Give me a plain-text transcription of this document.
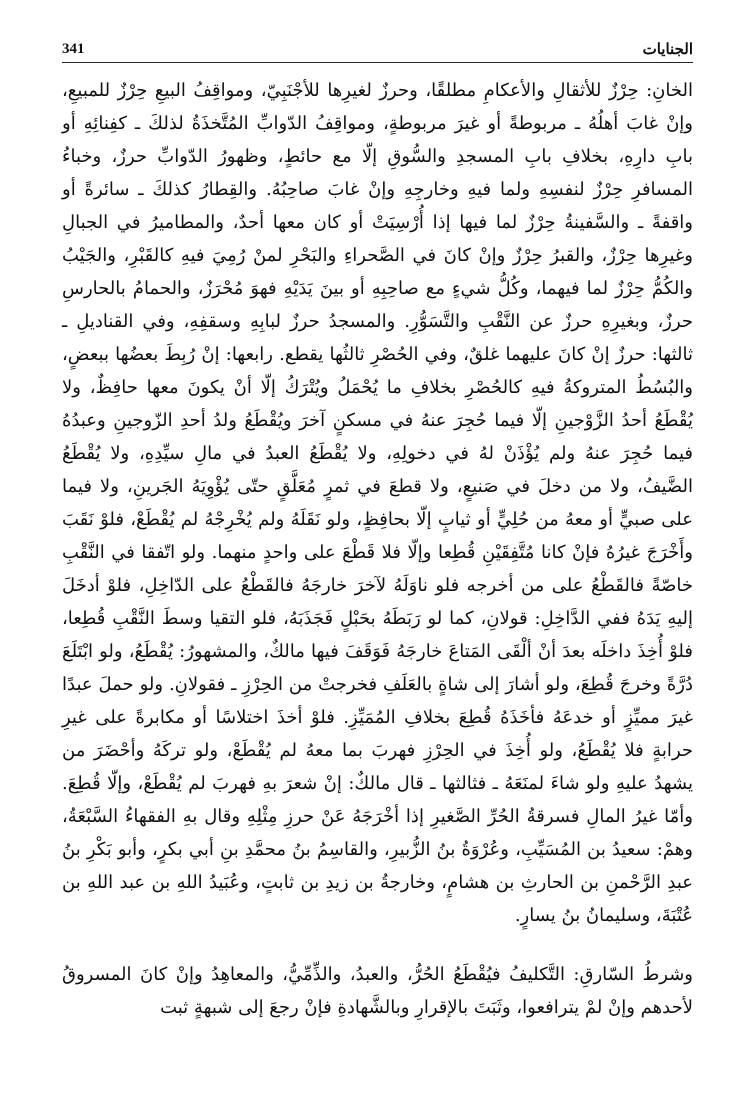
الجنايات
341

الخانِ: حِرْزٌ للأثقالِ والأعكامِ مطلقًا، وحرزٌ لغيرِها للأجْنَبِيّ، ومواقِفُ البيعِ حِرْزٌ للمبيعِ، وإنْ غابَ أهلُهُ ـ مربوطةً أو غيرَ مربوطةٍ، ومواقِفُ الدّوابِّ المُتَّخذَةُ لذلكَ ـ كفِنائِهِ أو بابِ دارِهِ، بخلافِ بابِ المسجدِ والسُّوقِ إلّا مع حائطٍ، وظهورُ الدّوابِّ حرزٌ، وخباءُ المسافرِ حِرْزٌ لنفسِهِ ولما فيهِ وخارجِهِ وإنْ غابَ صاحِبُهُ. والقِطارُ كذلكَ ـ سائرةً أو واقفةً ـ والسَّفينةُ حِرْزٌ لما فيها إذا أُرْسِيَتْ أو كان معها أحدٌ، والمطاميرُ في الجبالِ وغيرِها حِرْزٌ، والقبرُ حِرْزٌ وإنْ كانَ في الصَّحراءِ والبَحْرِ لمنْ رُمِيَ فيهِ كالقَبْرِ، والجَيْبُ والكُمُّ حِرْزٌ لما فيهما، وكُلُّ شيءٍ مع صاحِبِهِ أو بينَ يَدَيْهِ فهوَ مُحْرَزٌ، والحمامُ بالحارسِ حرزٌ، وبغيرِهِ حرزٌ عن النَّقْبِ والتَّسَوُّرِ. والمسجدُ حرزٌ لبابِهِ وسقفِهِ، وفي القناديلِ ـ ثالثها: حرزٌ إنْ كانَ عليهما غلقٌ، وفي الحُصْرِ ثالثُها يقطع. رابعها: إنْ رُبِطَ بعضُها ببعضٍ، والبُسُطُ المتروكةُ فيهِ كالحُصْرِ بخلافِ ما يُحْمَلُ ويُتْرَكُ إلّا أنْ يكونَ معها حافِظٌ، ولا يُقْطَعُ أحدُ الزَّوْجينِ إلّا فيما حُجِرَ عنهُ في مسكنٍ آخرَ ويُقْطَعُ ولدُ أحدِ الزّوجينِ وعبدُهُ فيما حُجِرَ عنهُ ولم يُؤْذَنْ لهُ في دخولِهِ، ولا يُقْطَعُ العبدُ في مالِ سيِّدِهِ، ولا يُقْطَعُ الضَّيفُ، ولا من دخلَ في صَنيعٍ، ولا قطعَ في ثمرٍ مُعَلَّقٍ حتّى يُؤْوِيَهُ الجَرينِ، ولا فيما على صبيٍّ أو معهُ من حُلِيٍّ أو ثيابٍ إلّا بحافِظٍ، ولو نَقَلَهُ ولم يُخْرِجْهُ لم يُقْطَعْ، فلوْ نَقَبَ وأَخْرَجَ غيرُهُ فإنْ كانا مُتَّفِقَيْنِ قُطِعا وإلّا فلا قَطْعَ على واحدٍ منهما. ولو اتّفقا في النَّقْبِ خاصّةً فالقَطْعُ على من أخرجه فلو ناوَلَهُ لآخرَ خارجَهُ فالقَطْعُ على الدّاخِلِ، فلوْ أدخَلَ إليهِ يَدَهُ ففي الدَّاخِلِ: قولانِ، كما لو رَبَطَهُ بحَبْلٍ فَجَذَبَهُ، فلو التقيا وسطَ النَّقْبِ قُطِعا، فلوْ أُخِذَ داخلَه بعدَ أنْ ألْقَى المَتاعَ خارجَهُ فَوَقَفَ فيها مالكٌ، والمشهورُ: يُقْطَعُ، ولو ابْتَلَعَ دُرَّةً وخرجَ قُطِعَ، ولو أشارَ إلى شاةٍ بالعَلَفِ فخرجتْ من الحِرْزِ ـ فقولانِ. ولو حملَ عبدًا غيرَ مميِّزٍ أو خدعَهُ فأخَذَهُ قُطِعَ بخلافِ المُمَيِّزِ. فلوْ أخذَ اختلاسًا أو مكابرةً على غيرِ حرابةٍ فلا يُقْطَعُ، ولو أُخِذَ في الحِرْزِ فهربَ بما معهُ لم يُقْطَعْ، ولو تركَهُ وأحْضَرَ من يشهدُ عليهِ ولو شاءَ لمنَعَهُ ـ فثالثها ـ قال مالكٌ: إنْ شعرَ بهِ فهربَ لم يُقْطَعْ، وإلّا قُطِعَ. وأمّا غيرُ المالِ فسرقةُ الحُرِّ الصَّغيرِ إذا أخْرَجَهُ عَنْ حرزِ مِثْلِهِ وقال بهِ الفقهاءُ السَّبْعَةُ، وهمْ: سعيدُ بن المُسَيِّبِ، وعُرْوَةُ بنُ الزُّبيرِ، والقاسِمُ بنُ محمَّدِ بنِ أبي بكرٍ، وأبو بَكْرِ بنُ عبدِ الرَّحْمنِ بن الحارثِ بن هشامٍ، وخارجةُ بن زيدِ بن ثابتٍ، وعُبَيدُ اللهِ بن عبد اللهِ بن عُتْبَةَ، وسليمانُ بنُ يسارٍ.

وشرطُ السّارقِ: التَّكليفُ فيُقْطَعُ الحُرُّ، والعبدُ، والذِّمِّيُّ، والمعاهِدُ وإنْ كانَ المسروقُ لأحدهم وإنْ لمْ يترافعوا، وثَبَتَ بالإقرارِ وبالشَّهادةِ فإنْ رجعَ إلى شبهةٍ ثبت
